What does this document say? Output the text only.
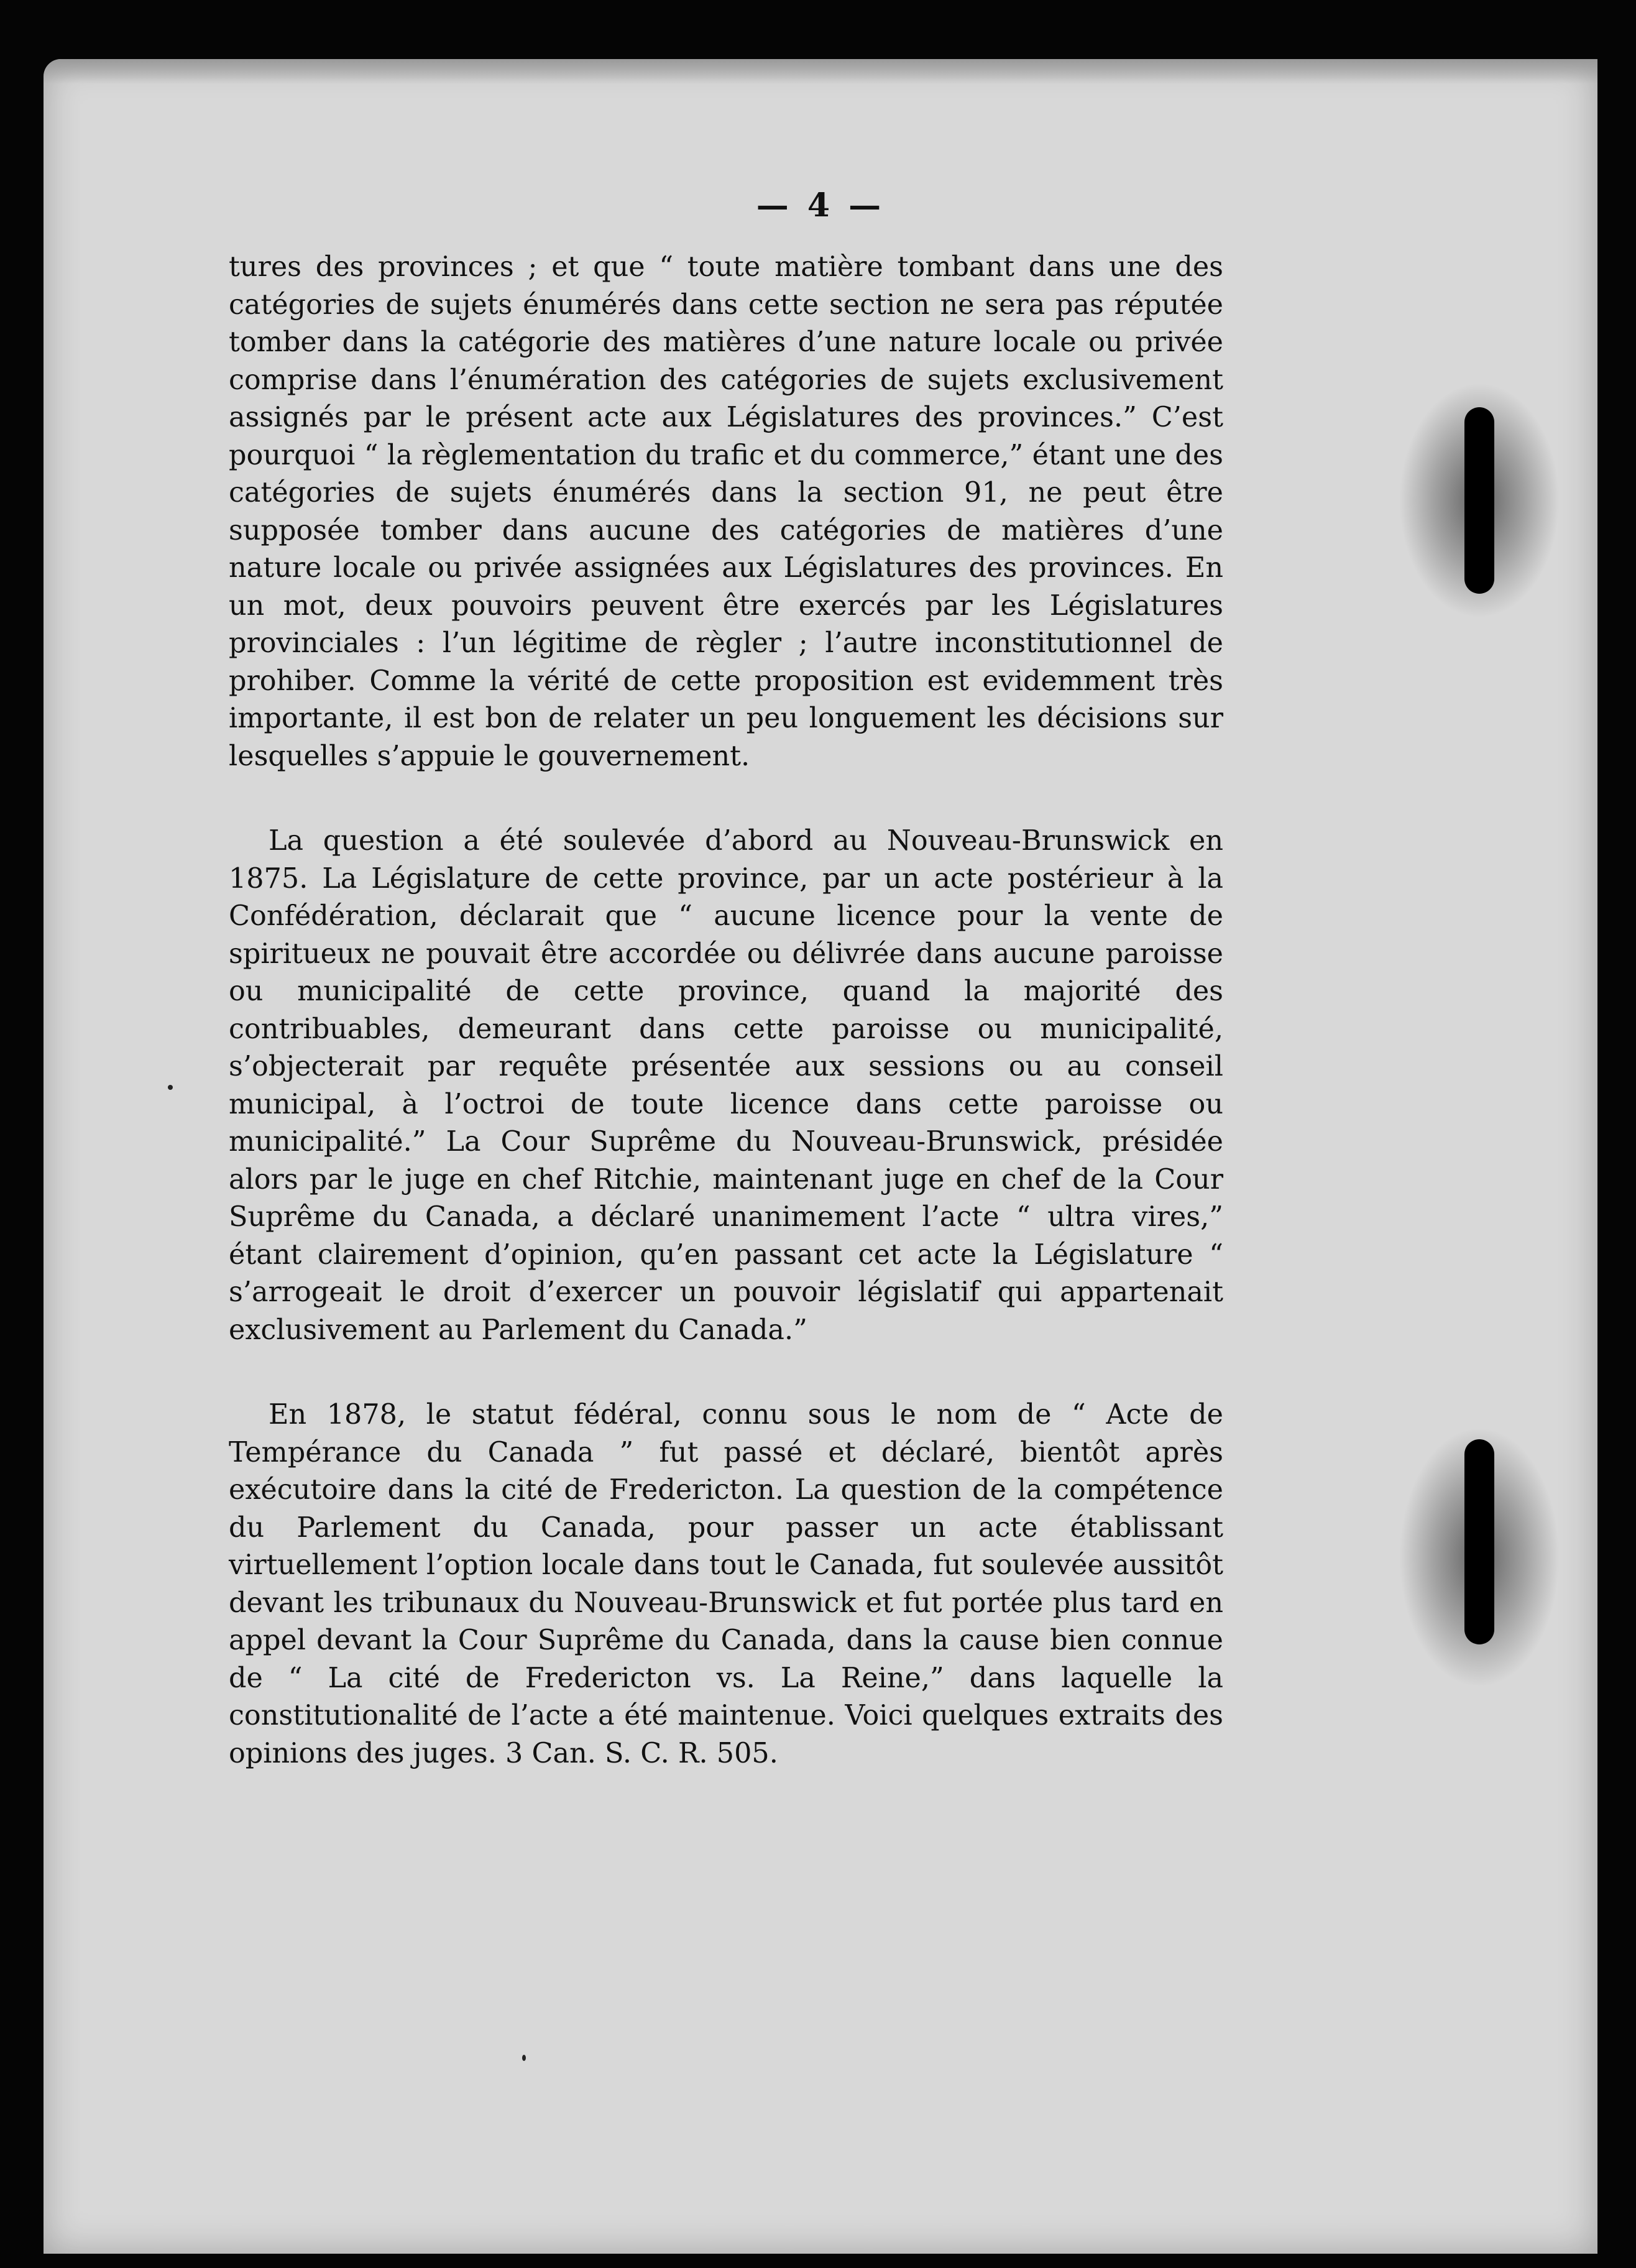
— 4 —

tures des provinces ; et que “ toute matière tombant dans une des catégories de sujets énumérés dans cette section ne sera pas réputée tomber dans la catégorie des matières d’une nature locale ou privée comprise dans l’énumération des catégories de sujets exclusivement assignés par le présent acte aux Législatures des provinces.” C’est pourquoi “ la règlementation du trafic et du commerce,” étant une des catégories de sujets énumérés dans la section 91, ne peut être supposée tomber dans aucune des catégories de matières d’une nature locale ou privée assignées aux Législatures des provinces. En un mot, deux pouvoirs peuvent être exercés par les Législatures provinciales : l’un légitime de règler ; l’autre inconstitutionnel de prohiber. Comme la vérité de cette proposition est evidemment très importante, il est bon de relater un peu longuement les décisions sur lesquelles s’appuie le gouvernement.

La question a été soulevée d’abord au Nouveau-Brunswick en 1875. La Législature de cette province, par un acte postérieur à la Confédération, déclarait que “ aucune licence pour la vente de spiritueux ne pouvait être accordée ou délivrée dans aucune paroisse ou municipalité de cette province, quand la majorité des contribuables, demeurant dans cette paroisse ou municipalité, s’objecterait par requête présentée aux sessions ou au conseil municipal, à l’octroi de toute licence dans cette paroisse ou municipalité.” La Cour Suprême du Nouveau-Brunswick, présidée alors par le juge en chef Ritchie, maintenant juge en chef de la Cour Suprême du Canada, a déclaré unanimement l’acte “ ultra vires,” étant clairement d’opinion, qu’en passant cet acte la Législature “ s’arrogeait le droit d’exercer un pouvoir législatif qui appartenait exclusivement au Parlement du Canada.”

En 1878, le statut fédéral, connu sous le nom de “ Acte de Tempérance du Canada ” fut passé et déclaré, bientôt après exécutoire dans la cité de Fredericton. La question de la compétence du Parlement du Canada, pour passer un acte établissant virtuellement l’option locale dans tout le Canada, fut soulevée aussitôt devant les tribunaux du Nouveau-Brunswick et fut portée plus tard en appel devant la Cour Suprême du Canada, dans la cause bien connue de “ La cité de Fredericton vs. La Reine,” dans laquelle la constitutionalité de l’acte a été maintenue. Voici quelques extraits des opinions des juges. 3 Can. S. C. R. 505.
